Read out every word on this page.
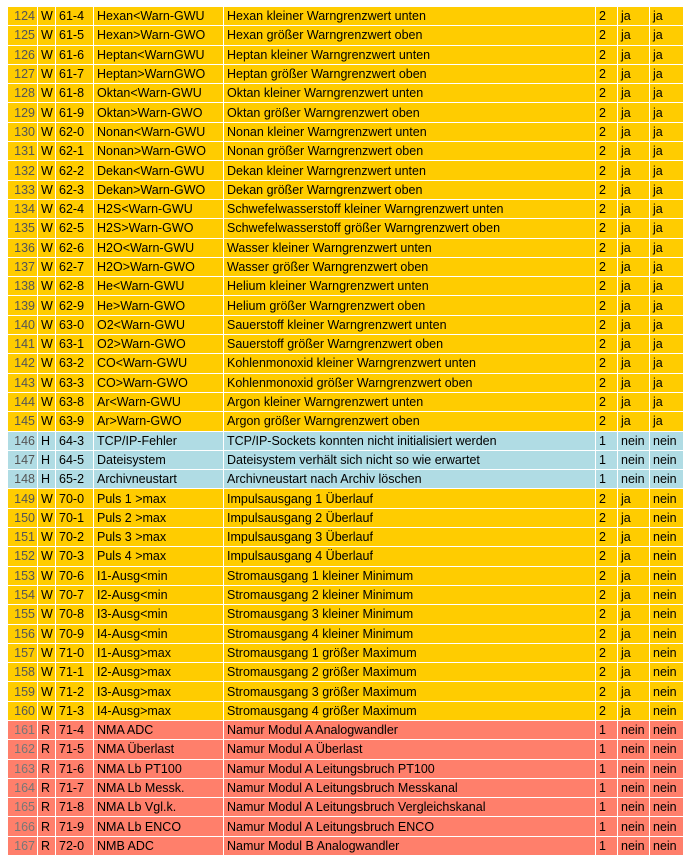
124	W	61-4	Hexan<Warn-GWU	Hexan kleiner Warngrenzwert unten	2	ja	ja
125	W	61-5	Hexan>Warn-GWO	Hexan größer Warngrenzwert oben	2	ja	ja
126	W	61-6	Heptan<WarnGWU	Heptan kleiner Warngrenzwert unten	2	ja	ja
127	W	61-7	Heptan>WarnGWO	Heptan größer Warngrenzwert oben	2	ja	ja
128	W	61-8	Oktan<Warn-GWU	Oktan kleiner Warngrenzwert unten	2	ja	ja
129	W	61-9	Oktan>Warn-GWO	Oktan größer Warngrenzwert oben	2	ja	ja
130	W	62-0	Nonan<Warn-GWU	Nonan kleiner Warngrenzwert unten	2	ja	ja
131	W	62-1	Nonan>Warn-GWO	Nonan größer Warngrenzwert oben	2	ja	ja
132	W	62-2	Dekan<Warn-GWU	Dekan kleiner Warngrenzwert unten	2	ja	ja
133	W	62-3	Dekan>Warn-GWO	Dekan größer Warngrenzwert oben	2	ja	ja
134	W	62-4	H2S<Warn-GWU	Schwefelwasserstoff kleiner Warngrenzwert unten	2	ja	ja
135	W	62-5	H2S>Warn-GWO	Schwefelwasserstoff größer Warngrenzwert oben	2	ja	ja
136	W	62-6	H2O<Warn-GWU	Wasser kleiner Warngrenzwert unten	2	ja	ja
137	W	62-7	H2O>Warn-GWO	Wasser größer Warngrenzwert oben	2	ja	ja
138	W	62-8	He<Warn-GWU	Helium kleiner Warngrenzwert unten	2	ja	ja
139	W	62-9	He>Warn-GWO	Helium größer Warngrenzwert oben	2	ja	ja
140	W	63-0	O2<Warn-GWU	Sauerstoff kleiner Warngrenzwert unten	2	ja	ja
141	W	63-1	O2>Warn-GWO	Sauerstoff größer Warngrenzwert oben	2	ja	ja
142	W	63-2	CO<Warn-GWU	Kohlenmonoxid kleiner Warngrenzwert unten	2	ja	ja
143	W	63-3	CO>Warn-GWO	Kohlenmonoxid größer Warngrenzwert oben	2	ja	ja
144	W	63-8	Ar<Warn-GWU	Argon kleiner Warngrenzwert unten	2	ja	ja
145	W	63-9	Ar>Warn-GWO	Argon größer Warngrenzwert oben	2	ja	ja
146	H	64-3	TCP/IP-Fehler	TCP/IP-Sockets konnten nicht initialisiert werden	1	nein	nein
147	H	64-5	Dateisystem	Dateisystem verhält sich nicht so wie erwartet	1	nein	nein
148	H	65-2	Archivneustart	Archivneustart nach Archiv löschen	1	nein	nein
149	W	70-0	Puls 1 >max	Impulsausgang 1 Überlauf	2	ja	nein
150	W	70-1	Puls 2 >max	Impulsausgang 2 Überlauf	2	ja	nein
151	W	70-2	Puls 3 >max	Impulsausgang 3 Überlauf	2	ja	nein
152	W	70-3	Puls 4 >max	Impulsausgang 4 Überlauf	2	ja	nein
153	W	70-6	I1-Ausg<min	Stromausgang 1 kleiner Minimum	2	ja	nein
154	W	70-7	I2-Ausg<min	Stromausgang 2 kleiner Minimum	2	ja	nein
155	W	70-8	I3-Ausg<min	Stromausgang 3 kleiner Minimum	2	ja	nein
156	W	70-9	I4-Ausg<min	Stromausgang 4 kleiner Minimum	2	ja	nein
157	W	71-0	I1-Ausg>max	Stromausgang 1 größer Maximum	2	ja	nein
158	W	71-1	I2-Ausg>max	Stromausgang 2 größer Maximum	2	ja	nein
159	W	71-2	I3-Ausg>max	Stromausgang 3 größer Maximum	2	ja	nein
160	W	71-3	I4-Ausg>max	Stromausgang 4 größer Maximum	2	ja	nein
161	R	71-4	NMA ADC	Namur Modul A Analogwandler	1	nein	nein
162	R	71-5	NMA Überlast	Namur Modul A Überlast	1	nein	nein
163	R	71-6	NMA Lb PT100	Namur Modul A Leitungsbruch PT100	1	nein	nein
164	R	71-7	NMA Lb Messk.	Namur Modul A Leitungsbruch Messkanal	1	nein	nein
165	R	71-8	NMA Lb Vgl.k.	Namur Modul A Leitungsbruch Vergleichskanal	1	nein	nein
166	R	71-9	NMA Lb ENCO	Namur Modul A Leitungsbruch ENCO	1	nein	nein
167	R	72-0	NMB ADC	Namur Modul B Analogwandler	1	nein	nein
